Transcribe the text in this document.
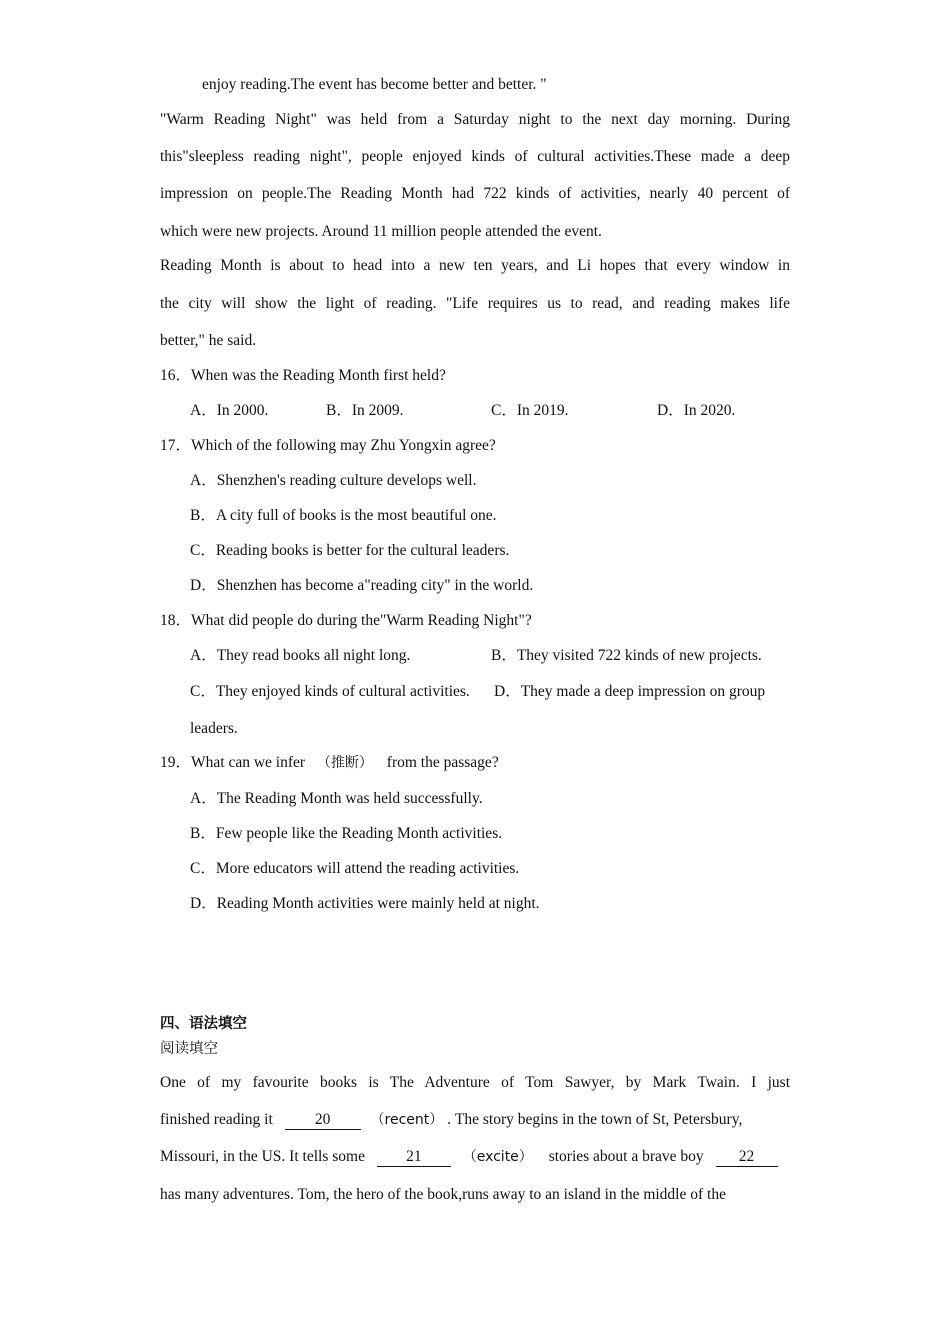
enjoy reading.The event has become better and better. "
"Warm Reading Night" was held from a Saturday night to the next day morning. During
this"sleepless reading night", people enjoyed kinds of cultural activities.These made a deep
impression on people.The Reading Month had 722 kinds of activities, nearly 40 percent of
which were new projects. Around 11 million people attended the event.
Reading Month is about to head into a new ten years, and Li hopes that every window in
the city will show the light of reading. "Life requires us to read, and reading makes life
better," he said.
16．When was the Reading Month first held?
A．In 2000.	B．In 2009.	C．In 2019.	D．In 2020.
17．Which of the following may Zhu Yongxin agree?
A．Shenzhen's reading culture develops well.
B．A city full of books is the most beautiful one.
C．Reading books is better for the cultural leaders.
D．Shenzhen has become a"reading city" in the world.
18．What did people do during the"Warm Reading Night"?
A．They read books all night long.	B．They visited 722 kinds of new projects.
C．They enjoyed kinds of cultural activities. D．They made a deep impression on group
leaders.
19．What can we infer （推断） from the passage?
A．The Reading Month was held successfully.
B．Few people like the Reading Month activities.
C．More educators will attend the reading activities.
D．Reading Month activities were mainly held at night.
四、语法填空
阅读填空
One of my favourite books is The Adventure of Tom Sawyer, by Mark Twain. I just
finished reading it	20	（recent） . The story begins in the town of St, Petersbury,
Missouri, in the US. It tells some	21	（excite） stories about a brave boy 22
has many adventures. Tom, the hero of the book,runs away to an island in the middle of the
